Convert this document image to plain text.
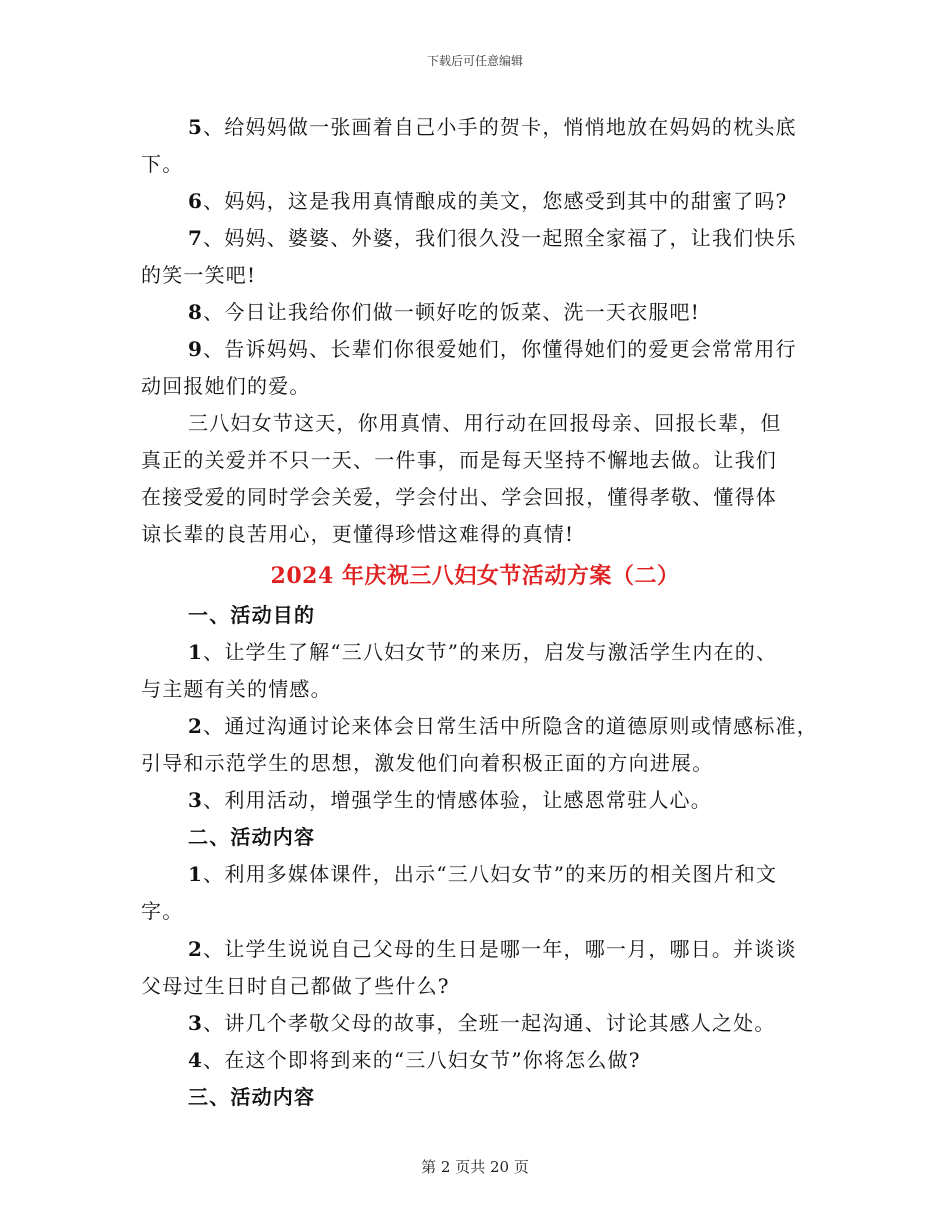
下载后可任意编辑
5、给妈妈做一张画着自己小手的贺卡，悄悄地放在妈妈的枕头底
下。
6、妈妈，这是我用真情酿成的美文，您感受到其中的甜蜜了吗?
7、妈妈、婆婆、外婆，我们很久没一起照全家福了，让我们快乐
的笑一笑吧!
8、今日让我给你们做一顿好吃的饭菜、洗一天衣服吧!
9、告诉妈妈、长辈们你很爱她们，你懂得她们的爱更会常常用行
动回报她们的爱。
三八妇女节这天，你用真情、用行动在回报母亲、回报长辈，但
真正的关爱并不只一天、一件事，而是每天坚持不懈地去做。让我们
在接受爱的同时学会关爱，学会付出、学会回报，懂得孝敬、懂得体
谅长辈的良苦用心，更懂得珍惜这难得的真情!
2024 年庆祝三八妇女节活动方案（二）
一、活动目的
1、让学生了解“三八妇女节”的来历，启发与激活学生内在的、
与主题有关的情感。
2、通过沟通讨论来体会日常生活中所隐含的道德原则或情感标准，
引导和示范学生的思想，激发他们向着积极正面的方向进展。
3、利用活动，增强学生的情感体验，让感恩常驻人心。
二、活动内容
1、利用多媒体课件，出示“三八妇女节”的来历的相关图片和文
字。
2、让学生说说自己父母的生日是哪一年，哪一月，哪日。并谈谈
父母过生日时自己都做了些什么?
3、讲几个孝敬父母的故事，全班一起沟通、讨论其感人之处。
4、在这个即将到来的“三八妇女节”你将怎么做?
三、活动内容
第 2 页共 20 页
